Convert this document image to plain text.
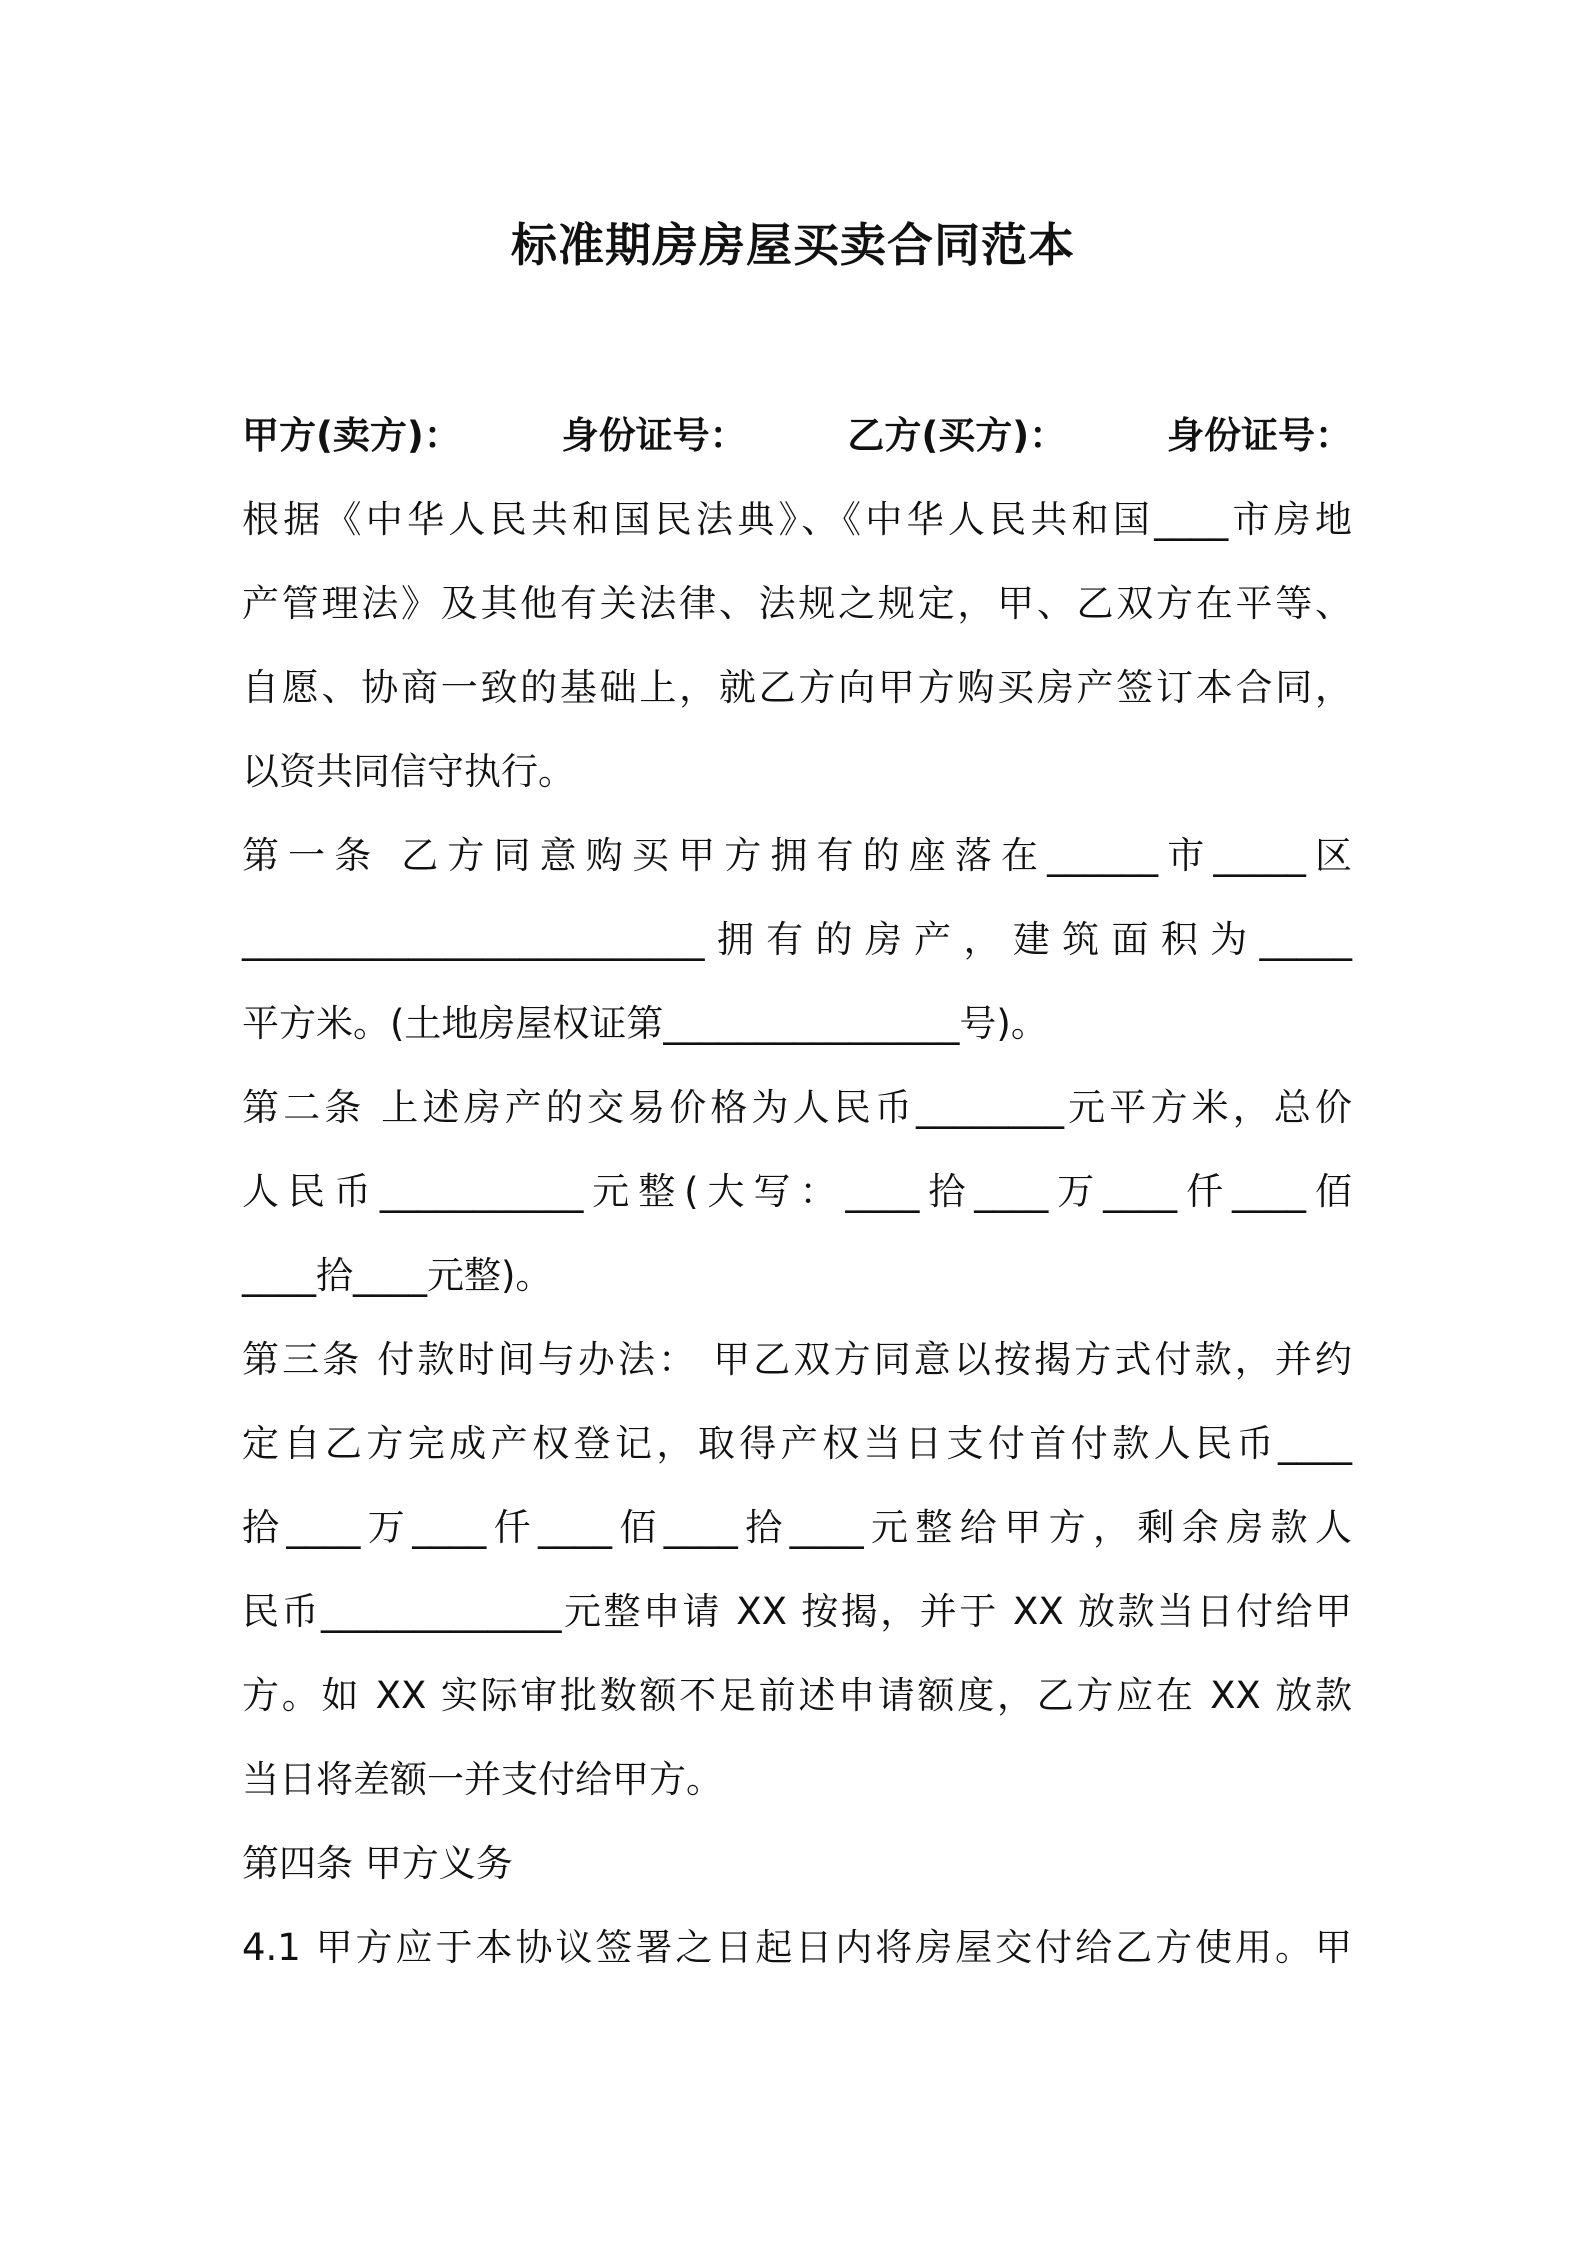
标准期房房屋买卖合同范本
甲方(卖方)：	身份证号：	乙方(买方)：	身份证号：
根据《中华人民共和国民法典》、《中华人民共和国____市房地
产管理法》及其他有关法律、法规之规定，甲、乙双方在平等、
自愿、协商一致的基础上，就乙方向甲方购买房产签订本合同，
以资共同信守执行。
第一条 乙方同意购买甲方拥有的座落在______市_____区
_________________________拥有的房产，建筑面积为_____
平方米。(土地房屋权证第________________号)。
第二条 上述房产的交易价格为人民币________元平方米，总价
人民币___________元整(大写：____拾____万____仟____佰
____拾____元整)。
第三条 付款时间与办法： 甲乙双方同意以按揭方式付款，并约
定自乙方完成产权登记，取得产权当日支付首付款人民币____
拾____万____仟____佰____拾____元整给甲方，剩余房款人
民币_____________元整申请 XX 按揭，并于 XX 放款当日付给甲
方。如 XX 实际审批数额不足前述申请额度，乙方应在 XX 放款
当日将差额一并支付给甲方。
第四条 甲方义务
4.1 甲方应于本协议签署之日起日内将房屋交付给乙方使用。甲
